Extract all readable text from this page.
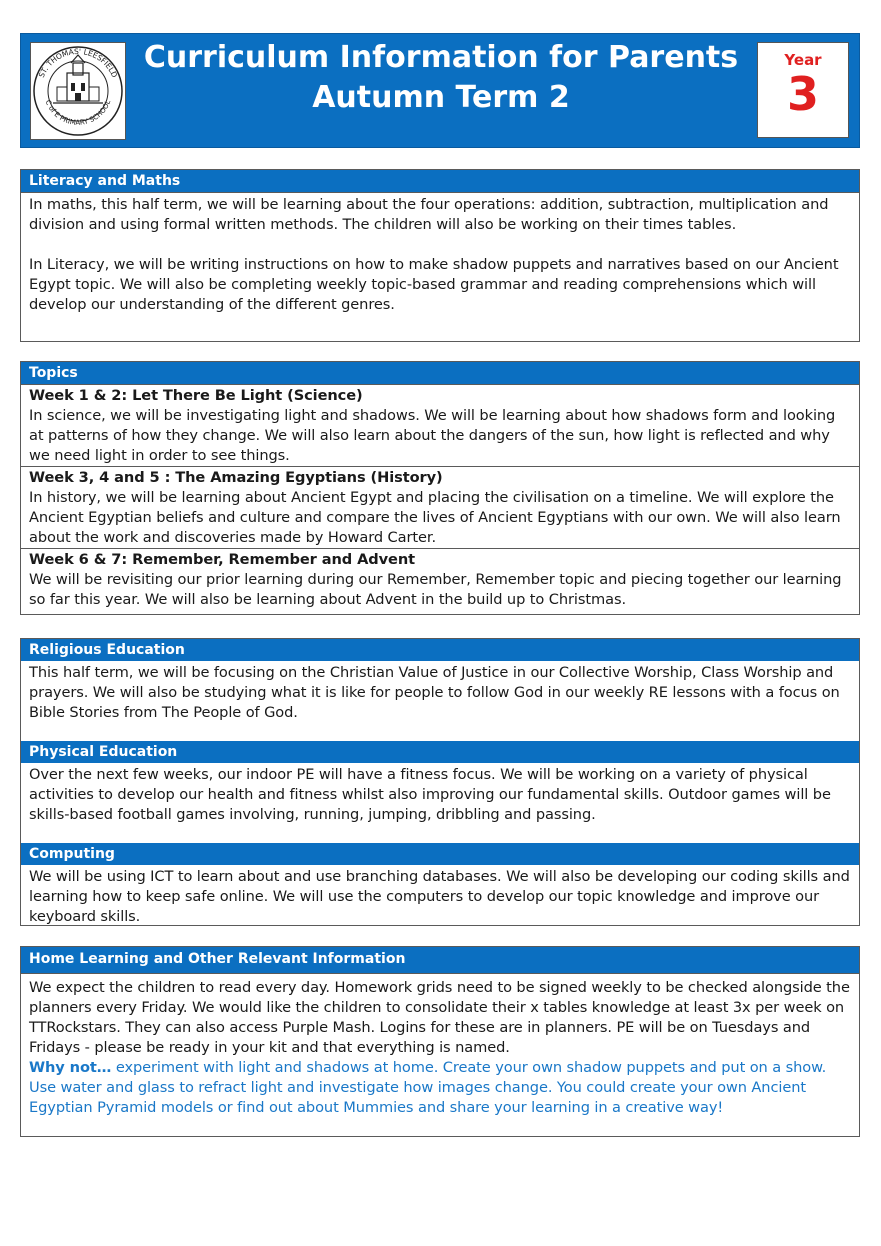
ST. THOMAS' LEESFIELD
C of E PRIMARY SCHOOL
Curriculum Information for Parents
Autumn Term 2
Year
3
Literacy and Maths

In maths, this half term, we will be learning about the four operations: addition, subtraction, multiplication and division and using formal written methods. The children will also be working on their times tables.

In Literacy, we will be writing instructions on how to make shadow puppets and narratives based on our Ancient Egypt topic. We will also be completing weekly topic-based grammar and reading comprehensions which will develop our understanding of the different genres.

Topics
Week 1 & 2: Let There Be Light (Science)
In science, we will be investigating light and shadows. We will be learning about how shadows form and looking at patterns of how they change. We will also learn about the dangers of the sun, how light is reflected and why we need light in order to see things.
Week 3, 4 and 5 : The Amazing Egyptians (History)
In history, we will be learning about Ancient Egypt and placing the civilisation on a timeline. We will explore the Ancient Egyptian beliefs and culture and compare the lives of Ancient Egyptians with our own. We will also learn about the work and discoveries made by Howard Carter.
Week 6 & 7: Remember, Remember and Advent
We will be revisiting our prior learning during our Remember, Remember topic and piecing together our learning so far this year. We will also be learning about Advent in the build up to Christmas.
Religious Education
This half term, we will be focusing on the Christian Value of Justice in our Collective Worship, Class Worship and prayers. We will also be studying what it is like for people to follow God in our weekly RE lessons with a focus on Bible Stories from The People of God.
Physical Education
Over the next few weeks, our indoor PE will have a fitness focus. We will be working on a variety of physical activities to develop our health and fitness whilst also improving our fundamental skills. Outdoor games will be skills-based football games involving, running, jumping, dribbling and passing.
Computing
We will be using ICT to learn about and use branching databases. We will also be developing our coding skills and learning how to keep safe online. We will use the computers to develop our topic knowledge and improve our keyboard skills.
Home Learning and Other Relevant Information

We expect the children to read every day. Homework grids need to be signed weekly to be checked alongside the planners every Friday. We would like the children to consolidate their x tables knowledge at least 3x per week on TTRockstars. They can also access Purple Mash. Logins for these are in planners. PE will be on Tuesdays and Fridays - please be ready in your kit and that everything is named.

Why not… experiment with light and shadows at home. Create your own shadow puppets and put on a show. Use water and glass to refract light and investigate how images change. You could create your own Ancient Egyptian Pyramid models or find out about Mummies and share your learning in a creative way!
